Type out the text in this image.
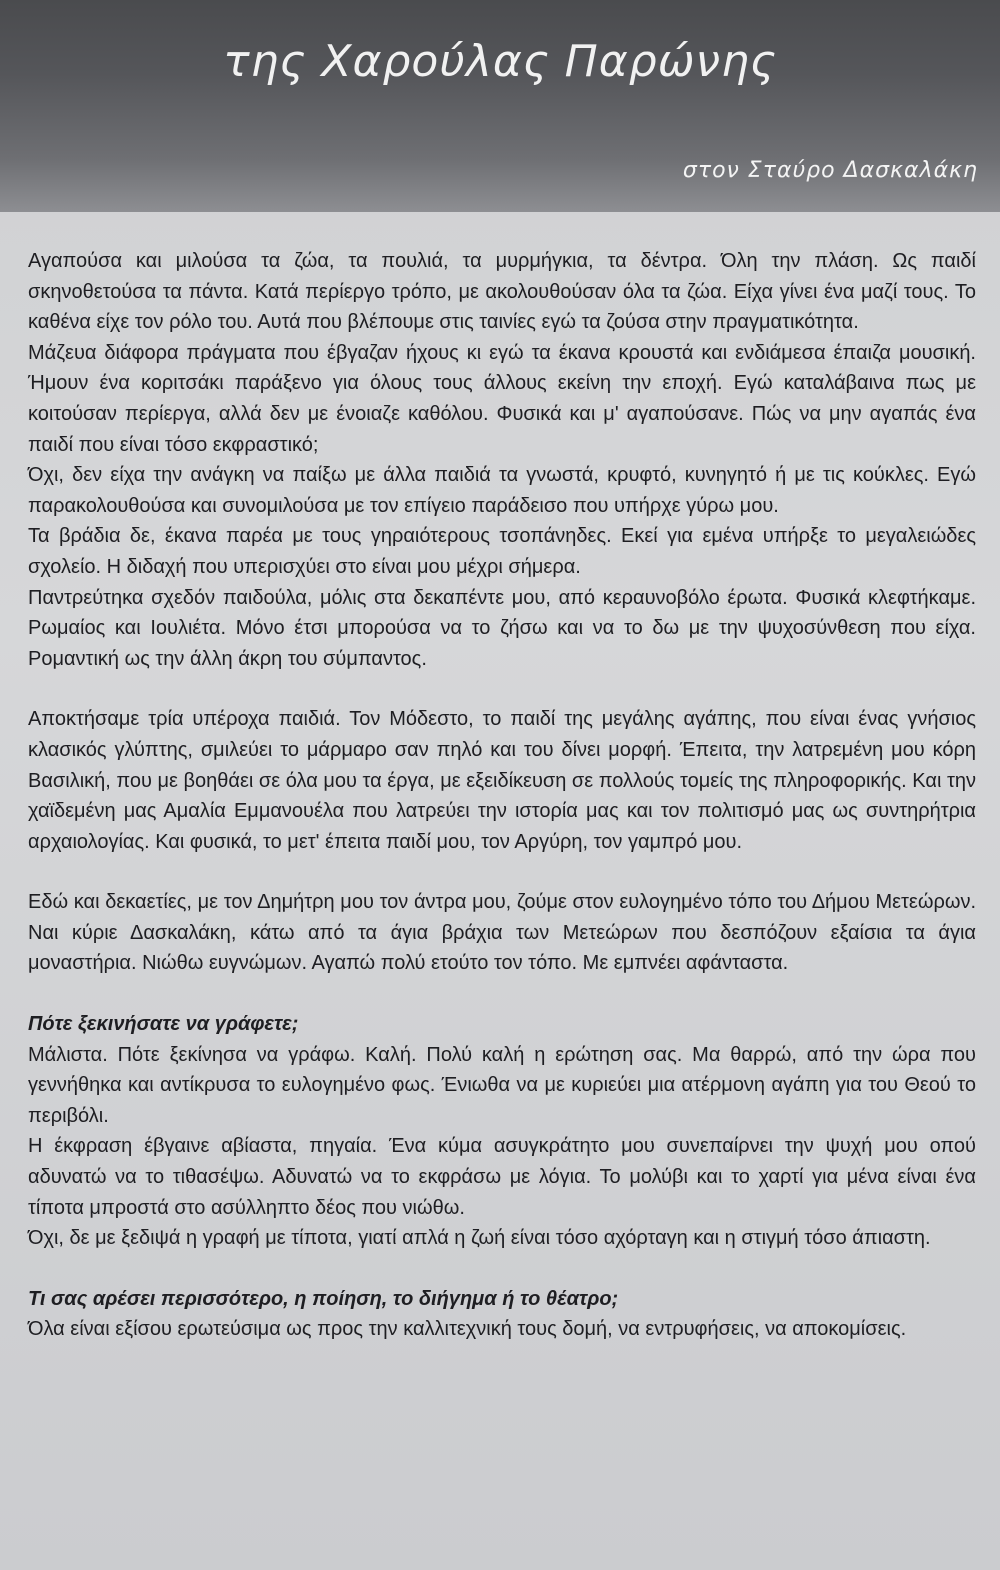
της Χαρούλας Παρώνης
στον Σταύρο Δασκαλάκη

Αγαπούσα και μιλούσα τα ζώα, τα πουλιά, τα μυρμήγκια, τα δέντρα. Όλη την πλάση. Ως παιδί σκηνοθετούσα τα πάντα. Κατά περίεργο τρόπο, με ακολουθούσαν όλα τα ζώα. Είχα γίνει ένα μαζί τους. Το καθένα είχε τον ρόλο του. Αυτά που βλέπουμε στις ταινίες εγώ τα ζούσα στην πραγματικότητα.

Μάζευα διάφορα πράγματα που έβγαζαν ήχους κι εγώ τα έκανα κρουστά και ενδιάμεσα έπαιζα μουσική. Ήμουν ένα κοριτσάκι παράξενο για όλους τους άλλους εκείνη την εποχή. Εγώ καταλάβαινα πως με κοιτούσαν περίεργα, αλλά δεν με ένοιαζε καθόλου. Φυσικά και μ' αγαπούσανε. Πώς να μην αγαπάς ένα παιδί που είναι τόσο εκφραστικό;

Όχι, δεν είχα την ανάγκη να παίξω με άλλα παιδιά τα γνωστά, κρυφτό, κυνηγητό ή με τις κούκλες. Εγώ παρακολουθούσα και συνομιλούσα με τον επίγειο παράδεισο που υπήρχε γύρω μου.

Τα βράδια δε, έκανα παρέα με τους γηραιότερους τσοπάνηδες. Εκεί για εμένα υπήρξε το μεγαλειώδες σχολείο. Η διδαχή που υπερισχύει στο είναι μου μέχρι σήμερα.

Παντρεύτηκα σχεδόν παιδούλα, μόλις στα δεκαπέντε μου, από κεραυνοβόλο έρωτα. Φυσικά κλεφτήκαμε. Ρωμαίος και Ιουλιέτα. Μόνο έτσι μπορούσα να το ζήσω και να το δω με την ψυχοσύνθεση που είχα. Ρομαντική ως την άλλη άκρη του σύμπαντος.

Αποκτήσαμε τρία υπέροχα παιδιά. Τον Μόδεστο, το παιδί της μεγάλης αγάπης, που είναι ένας γνήσιος κλασικός γλύπτης, σμιλεύει το μάρμαρο σαν πηλό και του δίνει μορφή. Έπειτα, την λατρεμένη μου κόρη Βασιλική, που με βοηθάει σε όλα μου τα έργα, με εξειδίκευση σε πολλούς τομείς της πληροφορικής. Και την χαϊδεμένη μας Αμαλία Εμμανουέλα που λατρεύει την ιστορία μας και τον πολιτισμό μας ως συντηρήτρια αρχαιολογίας. Και φυσικά, το μετ' έπειτα παιδί μου, τον Αργύρη, τον γαμπρό μου.

Εδώ και δεκαετίες, με τον Δημήτρη μου τον άντρα μου, ζούμε στον ευλογημένο τόπο του Δήμου Μετεώρων. Ναι κύριε Δασκαλάκη, κάτω από τα άγια βράχια των Μετεώρων που δεσπόζουν εξαίσια τα άγια μοναστήρια. Νιώθω ευγνώμων. Αγαπώ πολύ ετούτο τον τόπο. Με εμπνέει αφάνταστα.

Πότε ξεκινήσατε να γράφετε;

Μάλιστα. Πότε ξεκίνησα να γράφω. Καλή. Πολύ καλή η ερώτηση σας. Μα θαρρώ, από την ώρα που γεννήθηκα και αντίκρυσα το ευλογημένο φως. Ένιωθα να με κυριεύει μια ατέρμονη αγάπη για του Θεού το περιβόλι.

Η έκφραση έβγαινε αβίαστα, πηγαία. Ένα κύμα ασυγκράτητο μου συνεπαίρνει την ψυχή μου οπού αδυνατώ να το τιθασέψω. Αδυνατώ να το εκφράσω με λόγια. Το μολύβι και το χαρτί για μένα είναι ένα τίποτα μπροστά στο ασύλληπτο δέος που νιώθω.

Όχι, δε με ξεδιψά η γραφή με τίποτα, γιατί απλά η ζωή είναι τόσο αχόρταγη και η στιγμή τόσο άπιαστη.

Τι σας αρέσει περισσότερο, η ποίηση, το διήγημα ή το θέατρο;

Όλα είναι εξίσου ερωτεύσιμα ως προς την καλλιτεχνική τους δομή, να εντρυφήσεις, να αποκομίσεις.
